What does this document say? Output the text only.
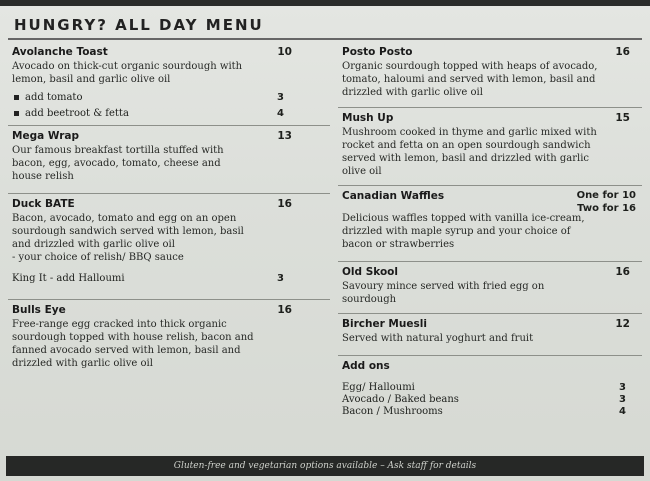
HUNGRY? ALL DAY MENU
Avolanche Toast	10
Avocado on thick-cut organic sourdough with lemon, basil and garlic olive oil
add tomato	3
add beetroot & fetta	4
Mega Wrap	13
Our famous breakfast tortilla stuffed with bacon, egg, avocado, tomato, cheese and house relish
Duck BATE	16
Bacon, avocado, tomato and egg on an open sourdough sandwich served with lemon, basil and drizzled with garlic olive oil
- your choice of relish/ BBQ sauce
King It - add Halloumi	3
Bulls Eye	16
Free-range egg cracked into thick organic sourdough topped with house relish, bacon and fanned avocado served with lemon, basil and drizzled with garlic olive oil
Posto Posto	16
Organic sourdough topped with heaps of avocado, tomato, haloumi and served with lemon, basil and drizzled with garlic olive oil
Mush Up	15
Mushroom cooked in thyme and garlic mixed with rocket and fetta on an open sourdough sandwich served with lemon, basil and drizzled with garlic olive oil
Canadian Waffles	One for 10
Two for 16
Delicious waffles topped with vanilla ice-cream, drizzled with maple syrup and your choice of bacon or strawberries
Old Skool	16
Savoury mince served with fried egg on sourdough
Bircher Muesli	12
Served with natural yoghurt and fruit
Add ons
Egg/ Halloumi	3
Avocado / Baked beans	3
Bacon / Mushrooms	4
Gluten-free and vegetarian options available – Ask staff for details
